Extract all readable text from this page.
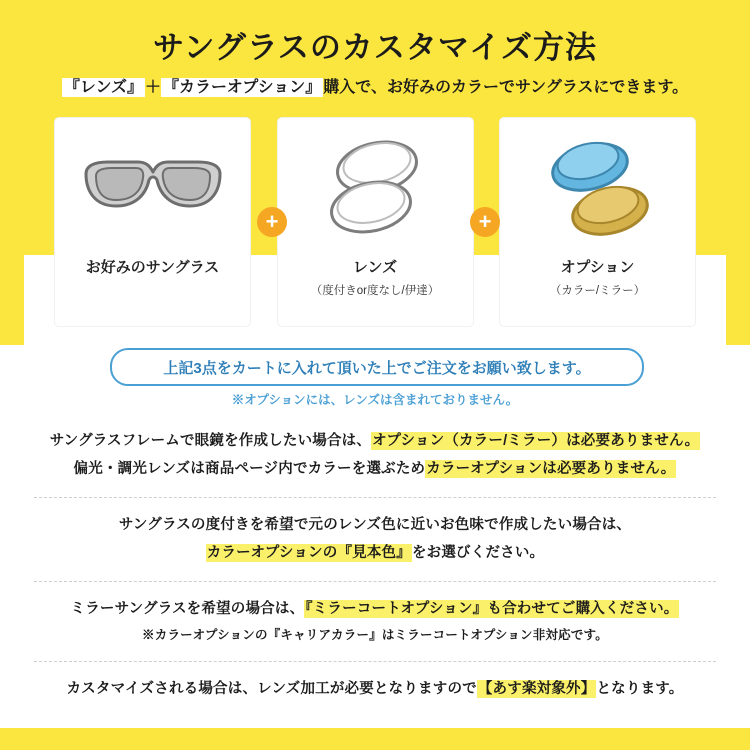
サングラスのカスタマイズ方法
『レンズ』 ＋ 『カラーオプション』 購入で、お好みのカラーでサングラスにできます。
お好みのサングラス	レンズ
（度付きor度なし/伊達）
オプション
（カラー/ミラー）
+	+
上記3点をカートに入れて頂いた上でご注文をお願い致します。
※オプションには、レンズは含まれておりません。
サングラスフレームで眼鏡を作成したい場合は、オプション（カラー/ミラー）は必要ありません。
偏光・調光レンズは商品ページ内でカラーを選ぶためカラーオプションは必要ありません。
サングラスの度付きを希望で元のレンズ色に近いお色味で作成したい場合は、
カラーオプションの『見本色』をお選びください。
ミラーサングラスを希望の場合は、『ミラーコートオプション』も合わせてご購入ください。
※カラーオプションの『キャリアカラー』はミラーコートオプション非対応です。
カスタマイズされる場合は、レンズ加工が必要となりますので【あす楽対象外】となります。
